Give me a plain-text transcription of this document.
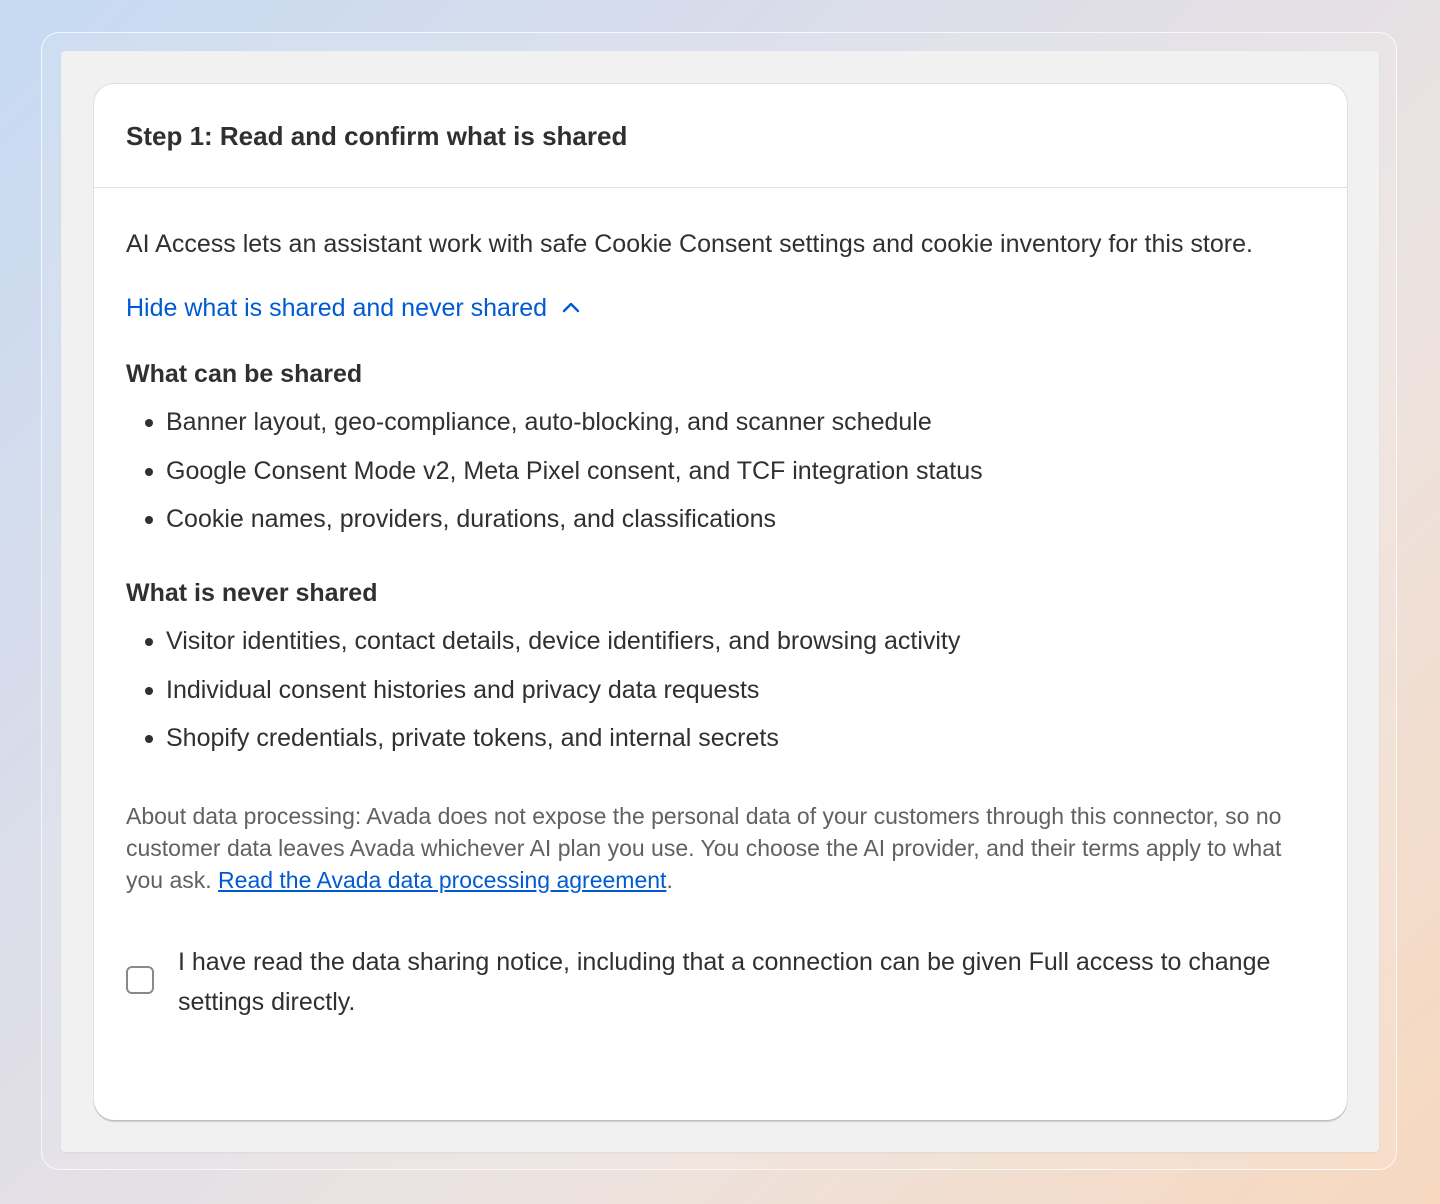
Step 1: Read and confirm what is shared

AI Access lets an assistant work with safe Cookie Consent settings and cookie inventory for this store.

Hide what is shared and never shared
What can be shared
Banner layout, geo-compliance, auto-blocking, and scanner schedule
Google Consent Mode v2, Meta Pixel consent, and TCF integration status
Cookie names, providers, durations, and classifications
What is never shared
Visitor identities, contact details, device identifiers, and browsing activity
Individual consent histories and privacy data requests
Shopify credentials, private tokens, and internal secrets

About data processing: Avada does not expose the personal data of your customers through this connector, so no customer data leaves Avada whichever AI plan you use. You choose the AI provider, and their terms apply to what you ask. Read the Avada data processing agreement.

I have read the data sharing notice, including that a connection can be given Full access to change settings directly.
